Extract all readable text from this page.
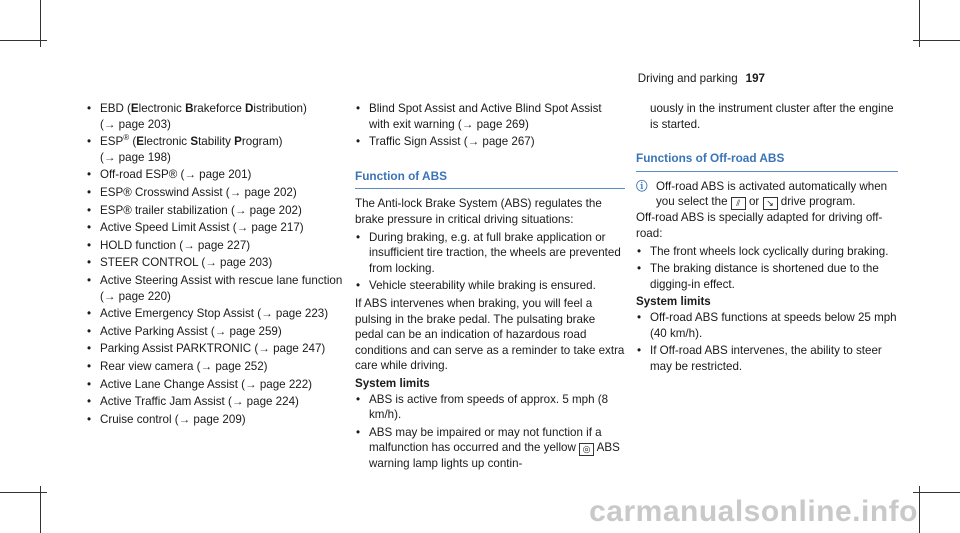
Driving and parking 197
• EBD (Electronic Brakeforce Distribution)
(→ page 203)
• ESP® (Electronic Stability Program)
(→ page 198)
• Off-road ESP® (→ page 201)
• ESP® Crosswind Assist (→ page 202)
• ESP® trailer stabilization (→ page 202)
• Active Speed Limit Assist (→ page 217)
• HOLD function (→ page 227)
• STEER CONTROL (→ page 203)
• Active Steering Assist with rescue lane function (→ page 220)
• Active Emergency Stop Assist (→ page 223)
• Active Parking Assist (→ page 259)
• Parking Assist PARKTRONIC (→ page 247)
• Rear view camera (→ page 252)
• Active Lane Change Assist (→ page 222)
• Active Traffic Jam Assist (→ page 224)
• Cruise control (→ page 209)
• Blind Spot Assist and Active Blind Spot Assist with exit warning (→ page 269)
• Traffic Sign Assist (→ page 267)
Function of ABS

The Anti-lock Brake System (ABS) regulates the brake pressure in critical driving situations:

• During braking, e.g. at full brake application or insufficient tire traction, the wheels are prevented from locking.
• Vehicle steerability while braking is ensured.

If ABS intervenes when braking, you will feel a pulsing in the brake pedal. The pulsating brake pedal can be an indication of hazardous road conditions and can serve as a reminder to take extra care while driving.

System limits
• ABS is active from speeds of approx. 5 mph (8 km/h).
• ABS may be impaired or may not function if a malfunction has occurred and the yellow ◎ ABS warning lamp lights up contin-

uously in the instrument cluster after the engine is started.

Functions of Off-road ABS
ⓘ Off-road ABS is activated automatically when you select the ⫽ or ↘ drive program.

Off-road ABS is specially adapted for driving off-road:

• The front wheels lock cyclically during braking.
• The braking distance is shortened due to the digging-in effect.
System limits
• Off-road ABS functions at speeds below 25 mph (40 km/h).
• If Off-road ABS intervenes, the ability to steer may be restricted.
carmanualsonline.info
